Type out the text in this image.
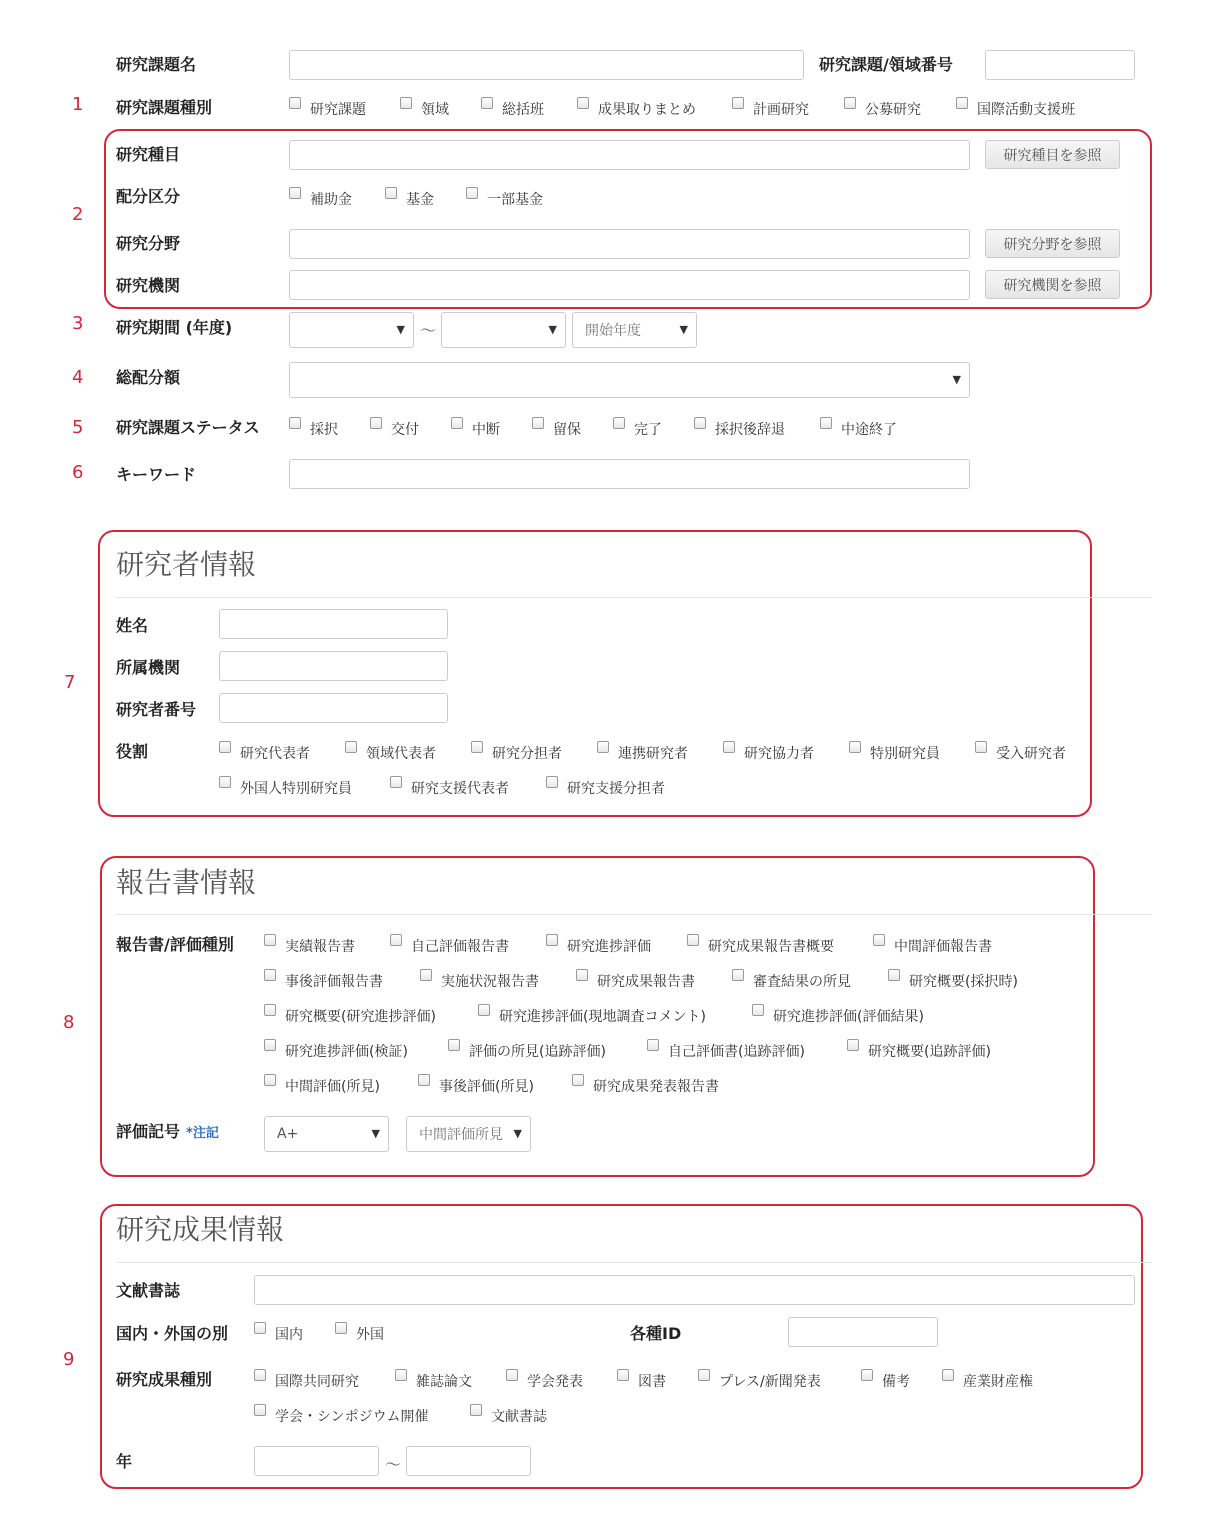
研究課題名	研究課題/領域番号
1 研究課題種別	研究課題	領域	総括班	成果取りまとめ	計画研究	公募研究	国際活動支援班
2
研究種目	研究種目を参照
配分区分	補助金	基金	一部基金
研究分野	研究分野を参照
研究機関	研究機関を参照
3 研究期間 (年度)	▼ 〜	▼ 開始年度	▼
4 総配分額	▼
5 研究課題ステータス	採択	交付	中断	留保	完了	採択後辞退	中途終了
6 キーワード
7
研究者情報
姓名
所属機関
研究者番号
役割	研究代表者	領域代表者	研究分担者	連携研究者	研究協力者	特別研究員	受入研究者
外国人特別研究員	研究支援代表者	研究支援分担者
8
報告書情報
報告書/評価種別	実績報告書	自己評価報告書	研究進捗評価	研究成果報告書概要	中間評価報告書
事後評価報告書	実施状況報告書	研究成果報告書	審査結果の所見	研究概要(採択時)
研究概要(研究進捗評価)	研究進捗評価(現地調査コメント)	研究進捗評価(評価結果)
研究進捗評価(検証)	評価の所見(追跡評価)	自己評価書(追跡評価)	研究概要(追跡評価)
中間評価(所見)	事後評価(所見)	研究成果発表報告書
評価記号 *注記	A+	▼	中間評価所見 ▼
9
研究成果情報
文献書誌
国内・外国の別	国内	外国	各種ID
研究成果種別	国際共同研究	雑誌論文	学会発表	図書	プレス/新聞発表	備考	産業財産権
学会・シンポジウム開催	文献書誌
年	〜
